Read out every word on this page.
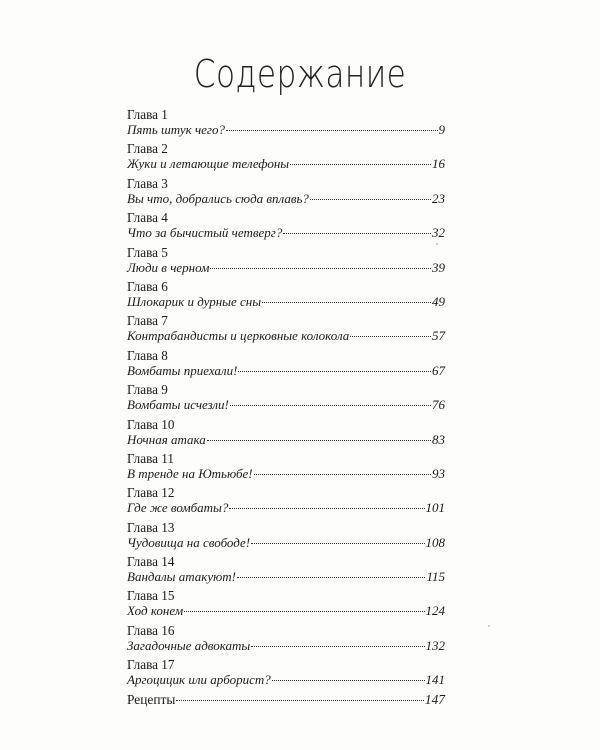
Содержание
Глава 1
Пять штук чего?	9
Глава 2
Жуки и летающие телефоны	16
Глава 3
Вы что, добрались сюда вплавь?	23
Глава 4
Что за бычистый четверг?	32
Глава 5
Люди в черном	39
Глава 6
Шлокарик и дурные сны	49
Глава 7
Контрабандисты и церковные колокола	57
Глава 8
Вомбаты приехали!	67
Глава 9
Вомбаты исчезли!	76
Глава 10
Ночная атака	83
Глава 11
В тренде на Ютьюбе!	93
Глава 12
Где же вомбаты?	101
Глава 13
Чудовища на свободе!	108
Глава 14
Вандалы атакуют!	115
Глава 15
Ход конем	124
Глава 16
Загадочные адвокаты	132
Глава 17
Аргоцицик или арборист?	141
Рецепты	147
